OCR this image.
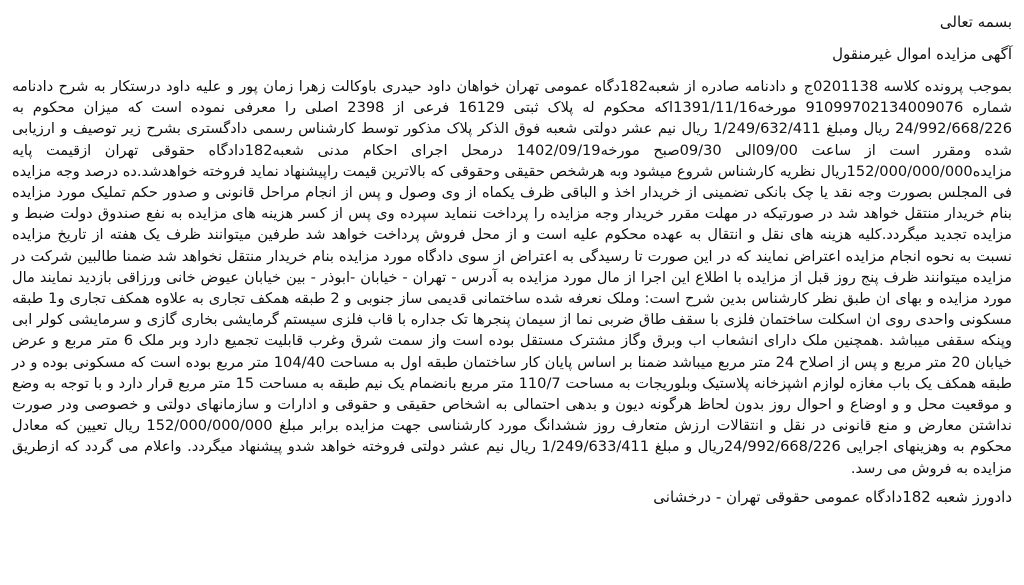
بسمه تعالی
آگهی مزایده اموال غیرمنقول

بموجب پرونده کلاسه 0201138ج و دادنامه صادره از شعبه182دگاه عمومی تهران خواهان داود حیدری باوکالت زهرا زمان پور و علیه داود درستکار به شرح دادنامه شماره 9109970213400907‌6 مورخه1391/11/16اکه محکوم له پلاک ثبتی 16129 فرعی از 2398 اصلی را معرفی نموده است که میزان محکوم به 24/992/668/226 ریال ومبلغ 1/249/632/411 ریال نیم عشر دولتی شعبه فوق الذکر پلاک مذکور توسط کارشناس رسمی دادگستری بشرح زیر توصیف و ارزیابی شده ومقرر است از ساعت 09/00الی 09/30صبح مورخه1402/09/19 درمحل اجرای احکام مدنی شعبه182دادگاه حقوقی تهران ازقیمت پایه مزایده152/000/000/000ریال نظریه کارشناس شروع میشود وبه هرشخص حقیقی وحقوقی که بالاترین قیمت راپیشنهاد نماید فروخته خواهدشد.ده درصد وجه مزایده فی المجلس بصورت وجه نقد یا چک بانکی تضمینی از خریدار اخذ و الباقی ظرف یکماه از وی وصول و پس از انجام مراحل قانونی و صدور حکم تملیک مورد مزایده بنام خریدار منتقل خواهد شد در صورتیکه در مهلت مقرر خریدار وجه مزایده را پرداخت ننماید سپرده وی پس از کسر هزینه های مزایده به نفع صندوق دولت ضبط و مزایده تجدید میگردد.کلیه هزینه های نقل و انتقال به عهده محکوم علیه است و از محل فروش پرداخت خواهد شد طرفین میتوانند ظرف یک هفته از تاریخ مزایده نسبت به نحوه انجام مزایده اعتراض نمایند که در این صورت تا رسیدگی به اعتراض از سوی دادگاه مورد مزایده بنام خریدار منتقل نخواهد شد ضمنا طالبین شرکت در مزایده میتوانند ظرف پنج روز قبل از مزایده با اطلاع این اجرا از مال مورد مزایده به آدرس - تهران - خیابان -ابوذر - بین خیابان عیوض خانی ورزاقی بازدید نمایند مال مورد مزایده و بهای ان طبق نظر کارشناس بدین شرح است: وملک نعرفه شده ساختمانی قدیمی ساز جنوبی و 2 طبقه همکف تجاری به علاوه همکف تجاری و1 طبقه مسکونی واحدی روی ان اسکلت ساختمان فلزی با سقف طاق ضربی نما از سیمان پنجرها تک جداره با قاب فلزی سیستم گرمایشی بخاری گازی و سرمایشی کولر ابی وپنکه سقفی میباشد .همچنین ملک دارای انشعاب اب وبرق وگاز مشترک مستقل بوده است واز سمت شرق وغرب قابلیت تجمیع دارد وبر ملک 6 متر مربع و عرض خیابان 20 متر مربع و پس از اصلاح 24 متر مربع میباشد ضمنا بر اساس پایان کار ساختمان طبقه اول به مساحت 104/40 متر مربع بوده است که مسکونی بوده و در طبقه همکف یک باب مغازه لوازم اشپزخانه پلاستیک وبلوریجات به مساحت 110/7 متر مربع بانضمام یک نیم طبقه به مساحت 15 متر مربع قرار دارد و با توجه به وضع و موقعیت محل و و اوضاع و احوال روز بدون لحاظ هرگونه دیون و بدهی احتمالی به اشخاص حقیقی و حقوقی و ادارات و سازمانهای دولتی و خصوصی ودر صورت نداشتن معارض و منع قانونی در نقل و انتقالات ارزش متعارف روز ششدانگ مورد کارشناسی جهت مزایده برابر مبلغ 152/000/000/000 ریال تعیین که معادل محکوم به وهزینهای اجرایی 24/992/668/226ریال و مبلغ 1/249/633/411 ریال نیم عشر دولتی فروخته خواهد شدو پیشنهاد میگردد. واعلام می گردد که ازطریق مزایده به فروش می رسد.

دادورز شعبه 182دادگاه عمومی حقوقی تهران - درخشانی
